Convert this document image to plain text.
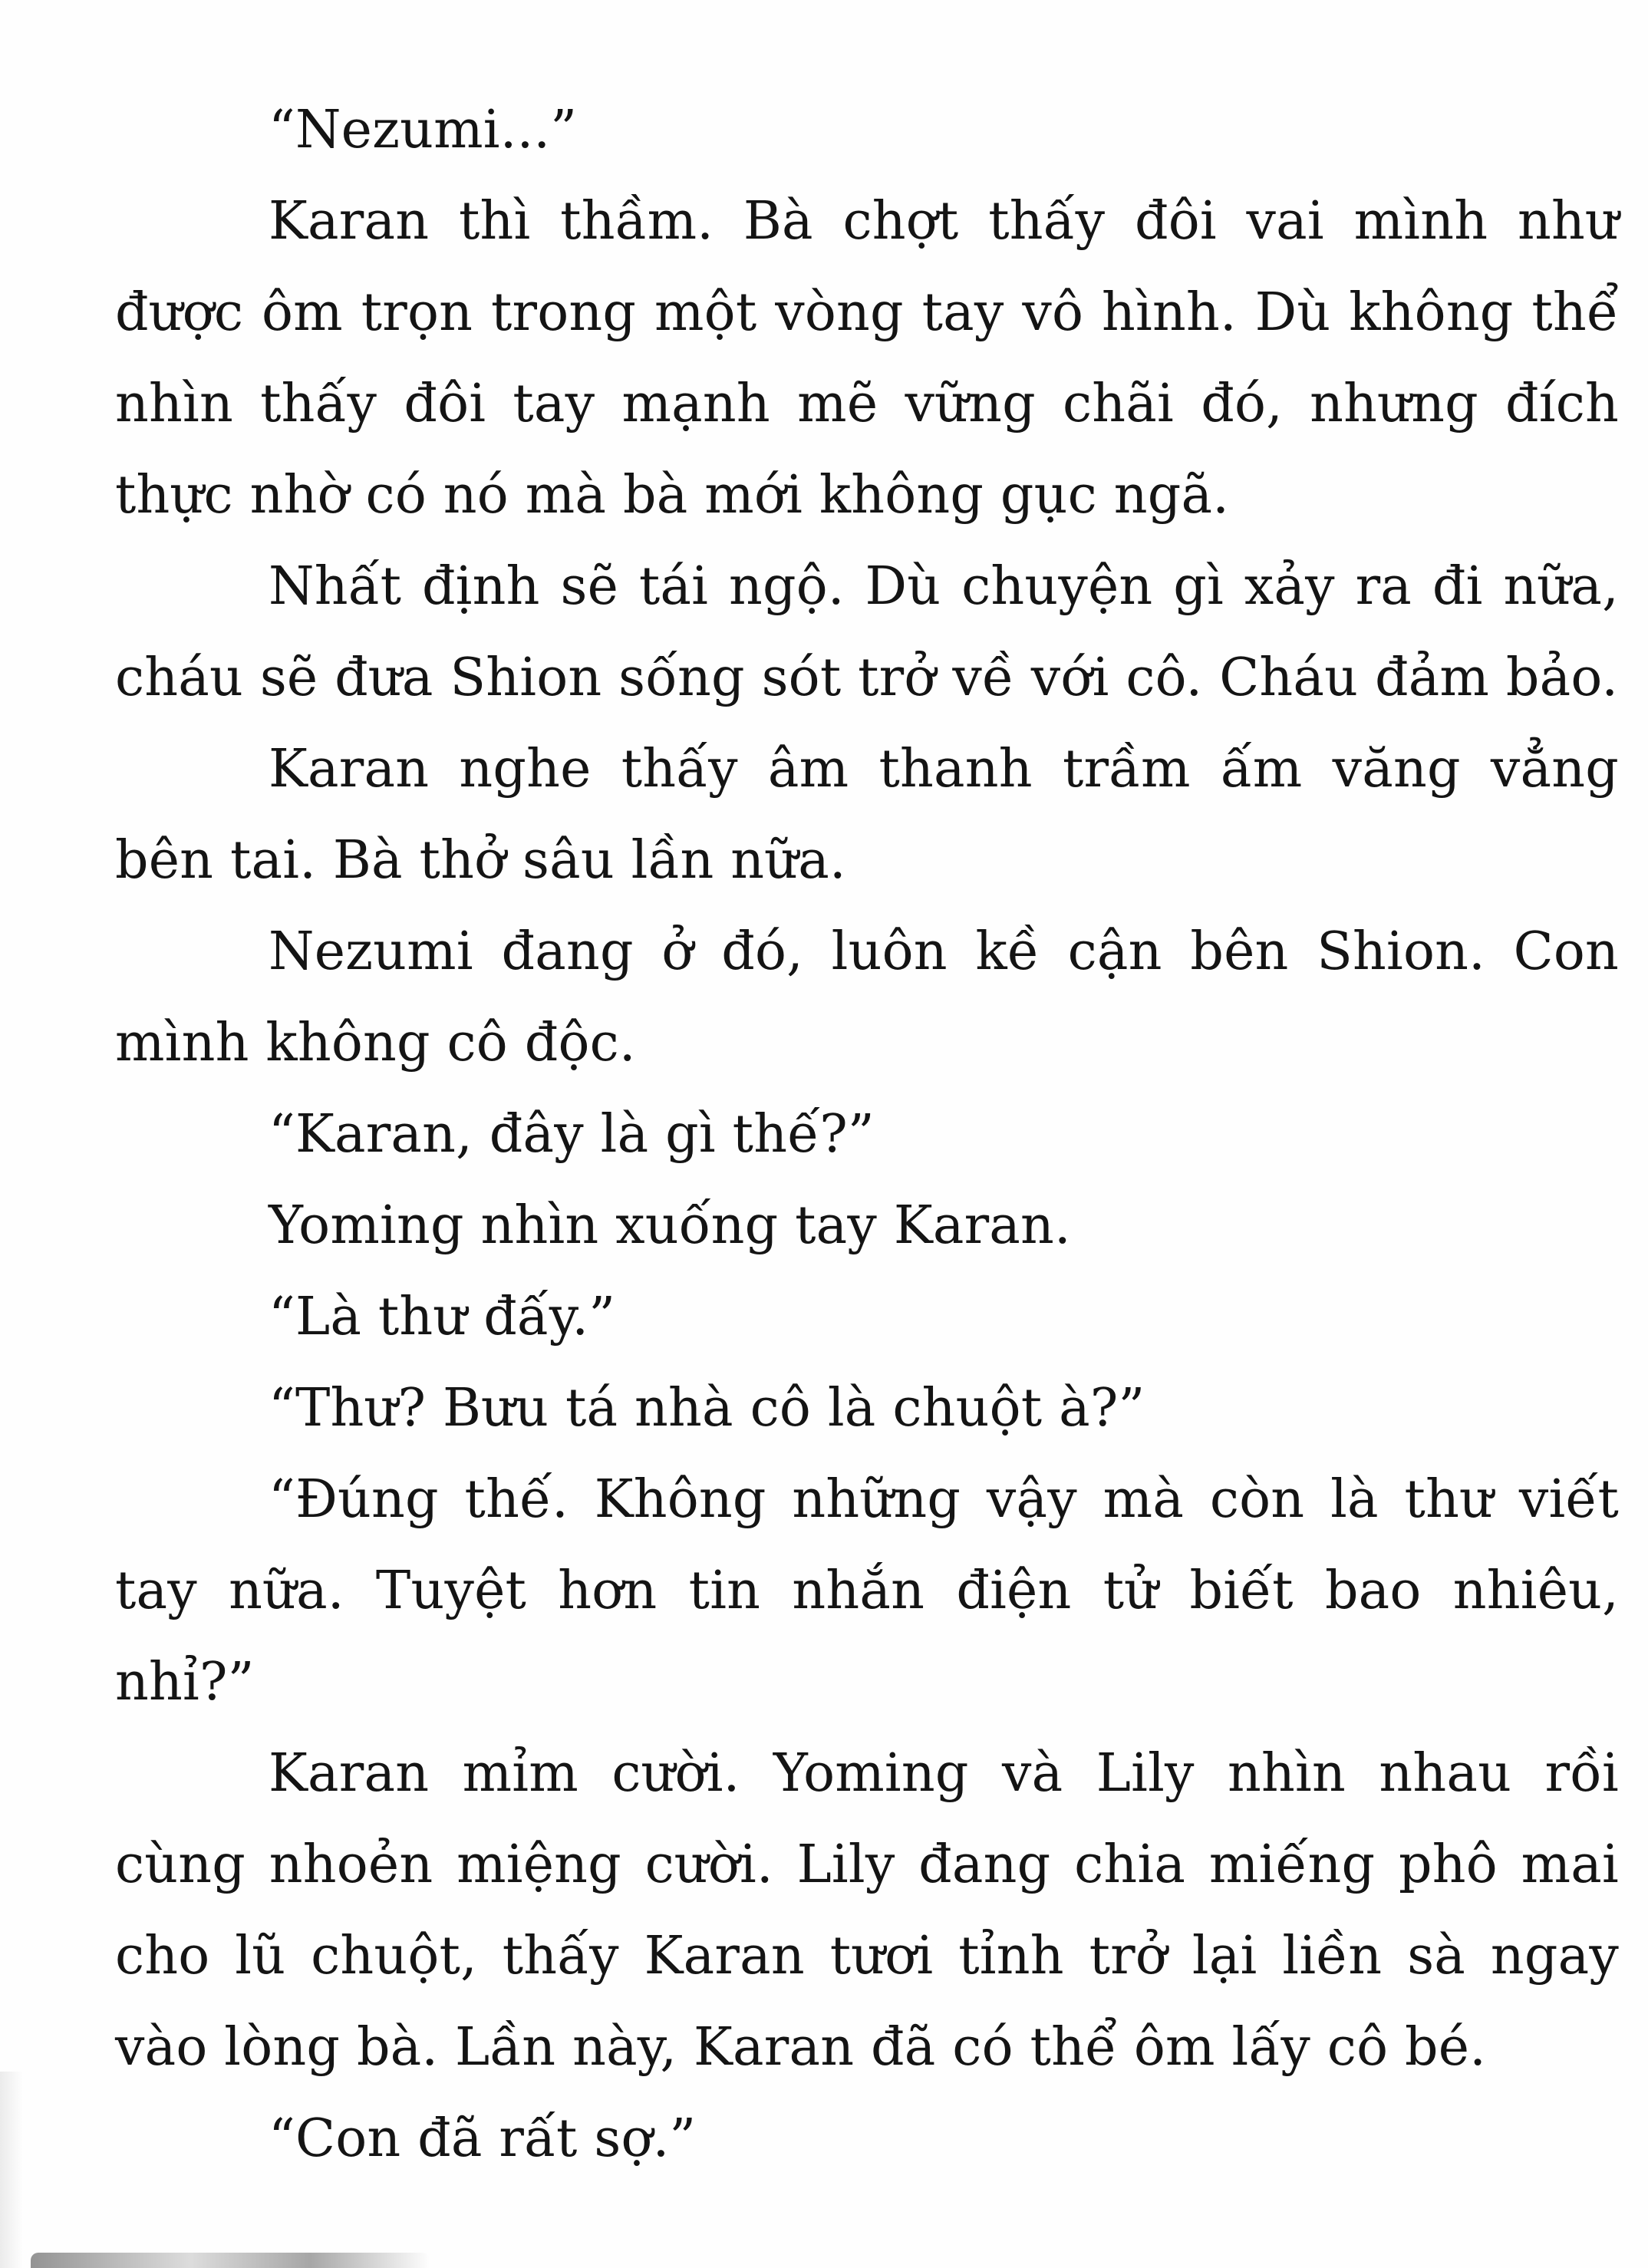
“Nezumi...”

Karan thì thầm. Bà chợt thấy đôi vai mình như được ôm trọn trong một vòng tay vô hình. Dù không thể nhìn thấy đôi tay mạnh mẽ vững chãi đó, nhưng đích thực nhờ có nó mà bà mới không gục ngã.

Nhất định sẽ tái ngộ. Dù chuyện gì xảy ra đi nữa, cháu sẽ đưa Shion sống sót trở về với cô. Cháu đảm bảo.

Karan nghe thấy âm thanh trầm ấm văng vẳng bên tai. Bà thở sâu lần nữa.

Nezumi đang ở đó, luôn kề cận bên Shion. Con mình không cô độc.

“Karan, đây là gì thế?”

Yoming nhìn xuống tay Karan.

“Là thư đấy.”

“Thư? Bưu tá nhà cô là chuột à?”

“Đúng thế. Không những vậy mà còn là thư viết tay nữa. Tuyệt hơn tin nhắn điện tử biết bao nhiêu, nhỉ?”

Karan mỉm cười. Yoming và Lily nhìn nhau rồi cùng nhoẻn miệng cười. Lily đang chia miếng phô mai cho lũ chuột, thấy Karan tươi tỉnh trở lại liền sà ngay vào lòng bà. Lần này, Karan đã có thể ôm lấy cô bé.

“Con đã rất sợ.”
